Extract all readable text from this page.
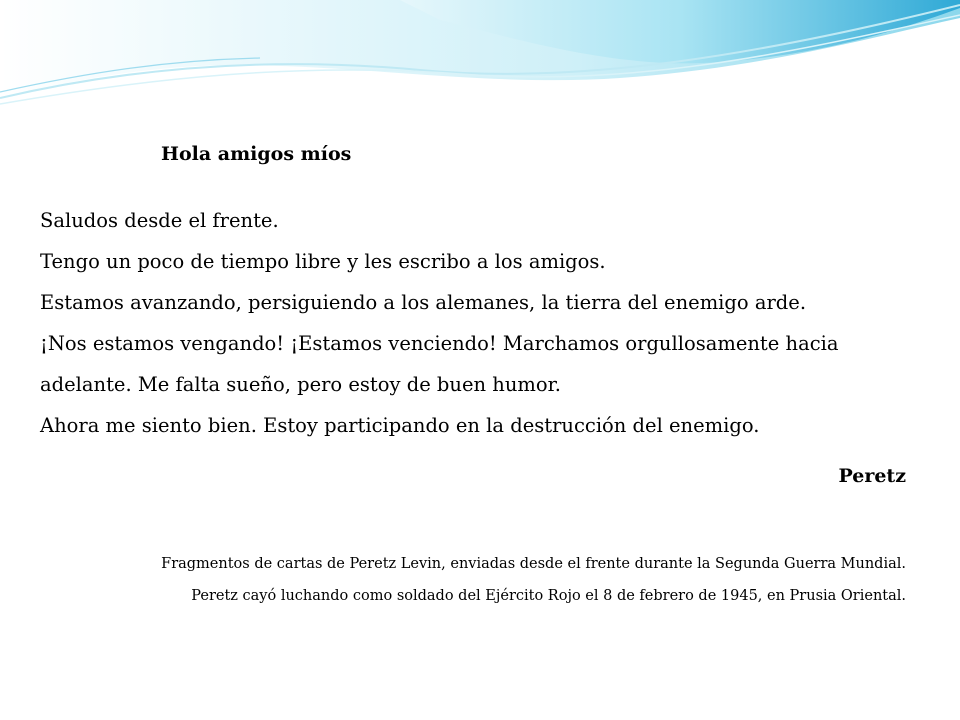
Hola amigos míos
Saludos desde el frente.
Tengo un poco de tiempo libre y les escribo a los amigos.
Estamos avanzando, persiguiendo a los alemanes, la tierra del enemigo arde.
¡Nos estamos vengando! ¡Estamos venciendo! Marchamos orgullosamente hacia
adelante. Me falta sueño, pero estoy de buen humor.
Ahora me siento bien. Estoy participando en la destrucción del enemigo.
Peretz
Fragmentos de cartas de Peretz Levin, enviadas desde el frente durante la Segunda Guerra Mundial.
Peretz cayó luchando como soldado del Ejército Rojo el 8 de febrero de 1945, en Prusia Oriental.
